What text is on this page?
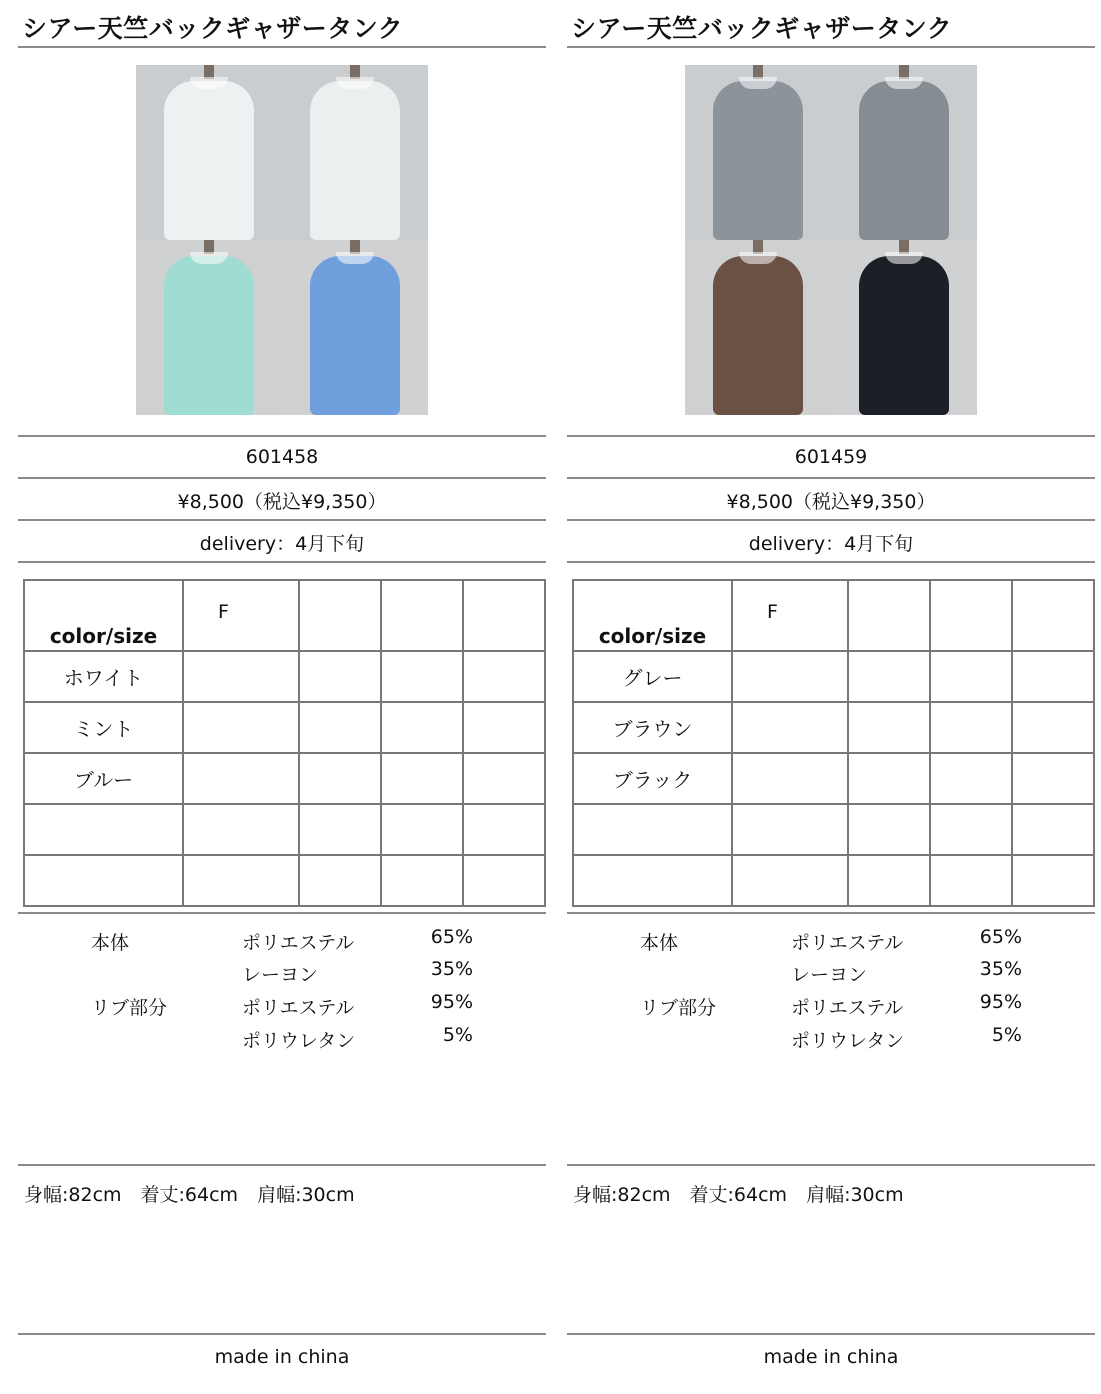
シアー天竺バックギャザータンク
601458
¥8,500（税込¥9,350）
delivery：4月下旬
color/size	F			
ホワイト				
ミント				
ブルー				

本体	ポリエステル	65%
レーヨン	35%
リブ部分	ポリエステル	95%
ポリウレタン	5%
身幅:82cm　着丈:64cm　肩幅:30cm
made in china
シアー天竺バックギャザータンク
601459
¥8,500（税込¥9,350）
delivery：4月下旬
color/size	F			
グレー				
ブラウン				
ブラック				

本体	ポリエステル	65%
レーヨン	35%
リブ部分	ポリエステル	95%
ポリウレタン	5%
身幅:82cm　着丈:64cm　肩幅:30cm
made in china
